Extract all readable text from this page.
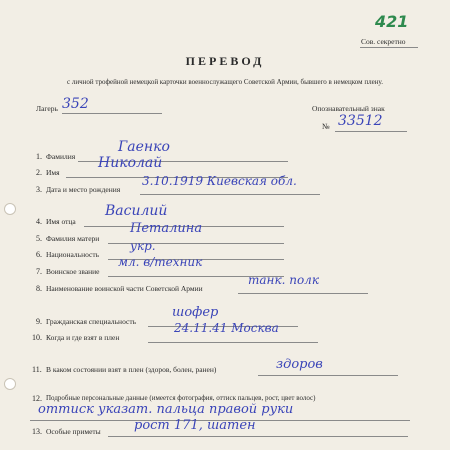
421
Сов. секретно
ПЕРЕВОД
с личной трофейной немецкой карточки военнослужащего Советской Армии, бывшего в немецком плену.
Лагерь 352	Опознавательный знак
№ 33512
1. Фамилия
Гаенко
2. Имя
Николай
3. Дата и место рождения
3.10.1919 Киевская обл.
4. Имя отца
Василий
5. Фамилия матери
Петалина
6. Национальность
укр.
7. Воинское звание
мл. в/техник
8. Наименование воинской части Советской Армии
танк. полк
9. Гражданская специальность
шофер
10. Когда и где взят в плен
24.11.41 Москва
11. В каком состоянии взят в плен (здоров, болен, ранен)	здоров
12. Подробные персональные данные (имеется фотография, оттиск пальцев, рост, цвет волос)
оттиск указат. пальца правой руки
13. Особые приметы	рост 171, шатен
